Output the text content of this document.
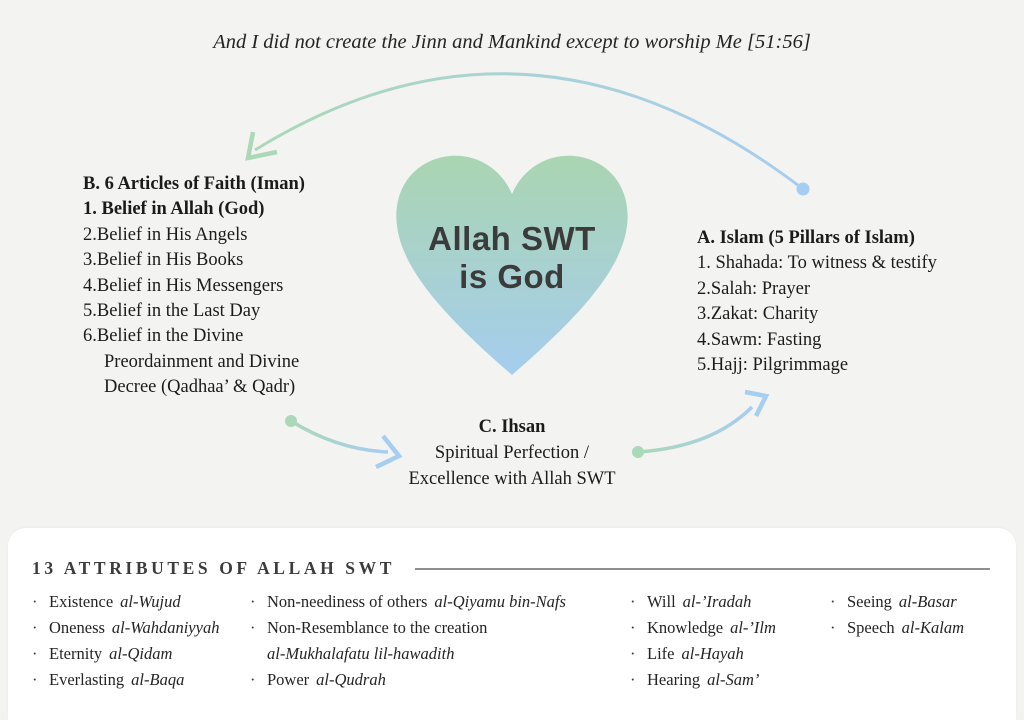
And I did not create the Jinn and Mankind except to worship Me [51:56]
Allah SWT
is God
B. 6 Articles of Faith (Iman)
1. Belief in Allah (God)
2.Belief in His Angels
3.Belief in His Books
4.Belief in His Messengers
5.Belief in the Last Day
6.Belief in the Divine
Preordainment and Divine
Decree (Qadhaa’ & Qadr)
A. Islam (5 Pillars of Islam)
1. Shahada: To witness & testify
2.Salah: Prayer
3.Zakat: Charity
4.Sawm: Fasting
5.Hajj: Pilgrimmage
C. Ihsan
Spiritual Perfection /
Excellence with Allah SWT
13 ATTRIBUTES OF ALLAH SWT
·
Existence al-Wujud
·
Oneness al-Wahdaniyyah
·
Eternity al-Qidam
·
Everlasting al-Baqa
·
Non-neediness of others al-Qiyamu bin-Nafs
·
Non-Resemblance to the creation
al-Mukhalafatu lil-hawadith
·
Power al-Qudrah
·
Will al-’Iradah
·
Knowledge al-’Ilm
·
Life al-Hayah
·
Hearing al-Sam’
·
Seeing al-Basar
·
Speech al-Kalam
